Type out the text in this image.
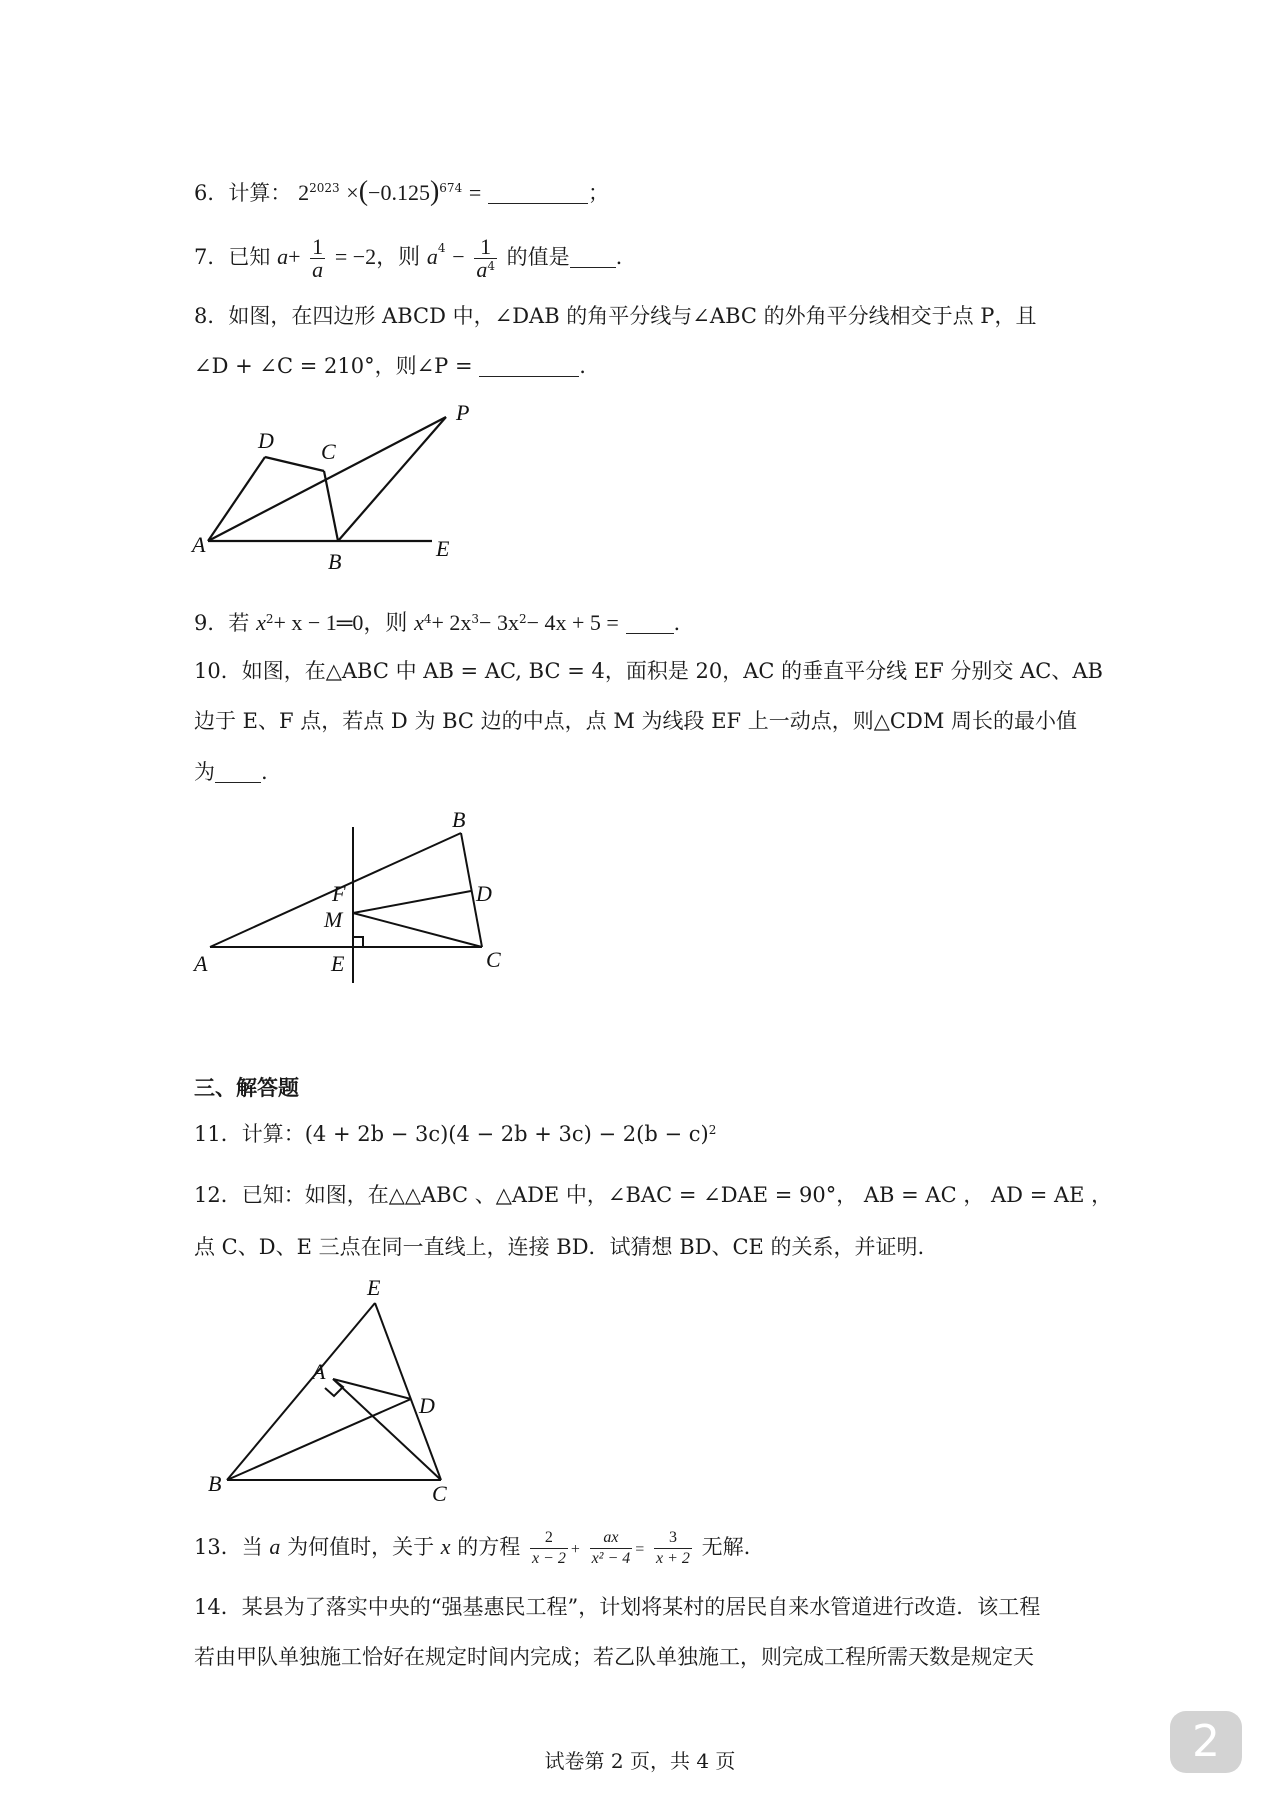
6．计算： $2^{2023} \times(-0.125)^{674}$ =	；
7．已知 $a+ \frac{1}{a} = -2$，则 $a^4 - \frac{1}{a^4}$ 的值是 .
8．如图，在四边形 ABCD 中，∠DAB 的角平分线与∠ABC 的外角平分线相交于点 P，且
∠D + ∠C = 210°，则∠P =	.
A
B
C
D
E
P
9．若 $x^2+ x$ − 1═0，则 $x^4+ 2x^3- 3x^2- 4x + 5$ =	.
10．如图，在△ABC 中 AB = AC, BC = 4，面积是 20，AC 的垂直平分线 EF 分别交 AC、AB
边于 E、F 点，若点 D 为 BC 边的中点，点 M 为线段 EF 上一动点，则△CDM 周长的最小值
为 .
A
B
C
D
E
F
M
三、解答题
11．计算：$(4 + 2b - 3c)(4 - 2b + 3c) - 2(b - c)^2$
12．已知：如图，在△△ABC 、△ADE 中，∠BAC = ∠DAE = 90°， AB = AC ， AD = AE ，
点 C、D、E 三点在同一直线上，连接 BD．试猜想 BD、CE 的关系，并证明.
B	C
D
A
E
13．当 a 为何值时，关于 x 的方程 $\frac{2}{x - 2} + \frac{ax}{\text{x² − 4}} = \frac{3}{x + 2}$ 无解.
14．某县为了落实中央的“强基惠民工程”，计划将某村的居民自来水管道进行改造．该工程
若由甲队单独施工恰好在规定时间内完成；若乙队单独施工，则完成工程所需天数是规定天
试卷第 2 页，共 4 页	2
